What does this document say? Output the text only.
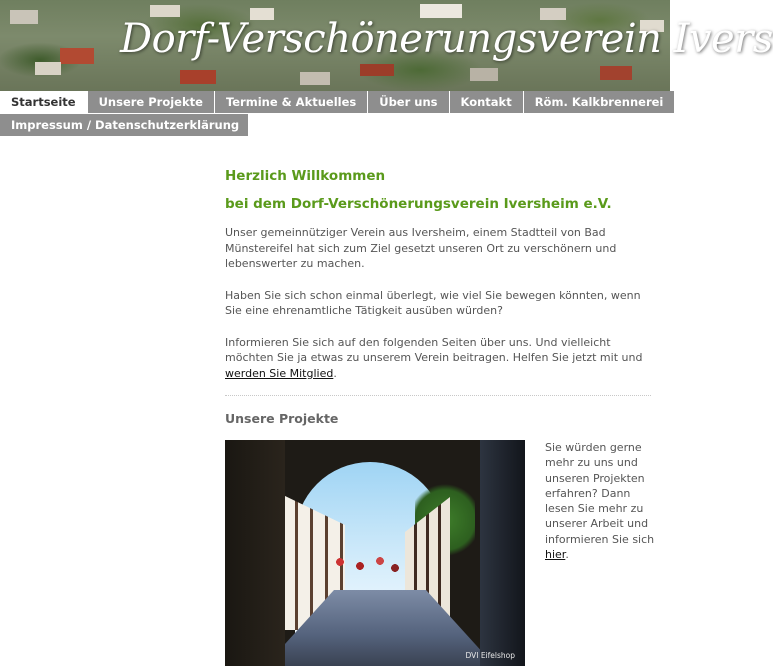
Dorf-Verschönerungsverein Ivers
Startseite	Unsere Projekte	Termine & Aktuelles	Über uns	Kontakt	Röm. Kalkbrennerei
Impressum / Datenschutzerklärung
Herzlich Willkommen
bei dem Dorf-Verschönerungsverein Iversheim e.V.

Unser gemeinnütziger Verein aus Iversheim, einem Stadtteil von Bad Münstereifel hat sich zum Ziel gesetzt unseren Ort zu verschönern und lebenswerter zu machen.

Haben Sie sich schon einmal überlegt, wie viel Sie bewegen könnten, wenn Sie eine ehrenamtliche Tätigkeit ausüben würden?

Informieren Sie sich auf den folgenden Seiten über uns. Und vielleicht möchten Sie ja etwas zu unserem Verein beitragen. Helfen Sie jetzt mit und werden Sie Mitglied.

Unsere Projekte
DVI Eifelshop

Sie würden gerne mehr zu uns und unseren Projekten erfahren? Dann lesen Sie mehr zu unserer Arbeit und informieren Sie sich hier.
